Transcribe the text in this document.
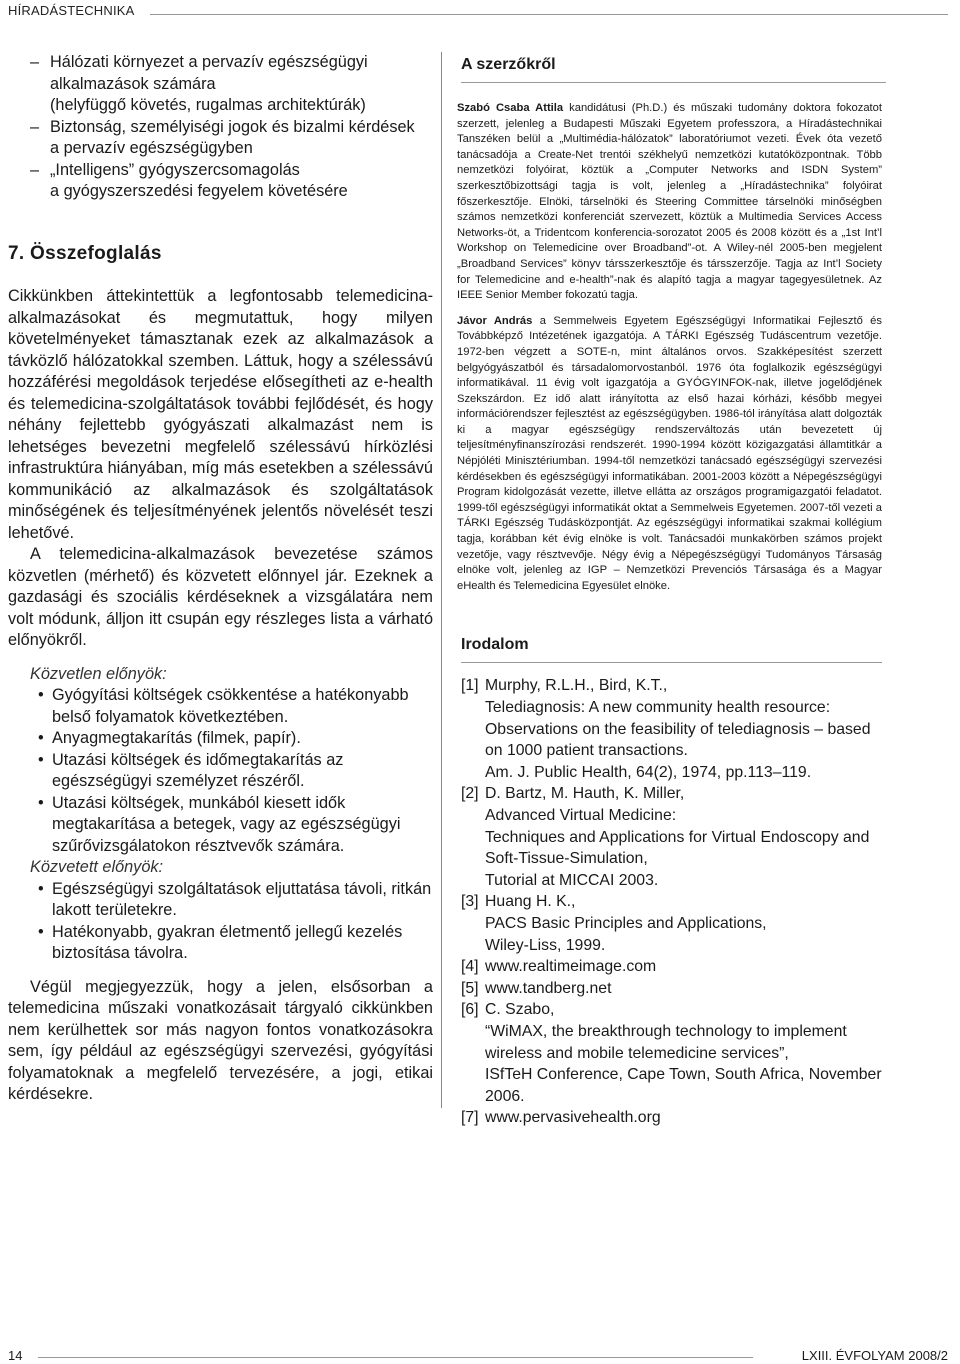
HÍRADÁSTECHNIKA
– Hálózati környezet a pervazív egészségügyi
alkalmazások számára
(helyfüggő követés, rugalmas architektúrák)
– Biztonság, személyiségi jogok és bizalmi kérdések
a pervazív egészségügyben
– „Intelligens” gyógyszercsomagolás
a gyógyszerszedési fegyelem követésére
7. Összefoglalás

Cikkünkben áttekintettük a legfontosabb telemedicina-alkalmazásokat és megmutattuk, hogy milyen követelményeket támasztanak ezek az alkalmazások a távközlő hálózatokkal szemben. Láttuk, hogy a szélessávú hozzáférési megoldások terjedése elősegítheti az e-health és telemedicina-szolgáltatások további fejlődését, és hogy néhány fejlettebb gyógyászati alkalmazást nem is lehetséges bevezetni megfelelő szélessávú hírközlési infrastruktúra hiányában, míg más esetekben a szélessávú kommunikáció az alkalmazások és szolgáltatások minőségének és teljesítményének jelentős növelését teszi lehetővé.

A telemedicina-alkalmazások bevezetése számos közvetlen (mérhető) és közvetett előnnyel jár. Ezeknek a gazdasági és szociális kérdéseknek a vizsgálatára nem volt módunk, álljon itt csupán egy részleges lista a várható előnyökről.

Közvetlen előnyök:
• Gyógyítási költségek csökkentése a hatékonyabb belső folyamatok következtében.
• Anyagmegtakarítás (filmek, papír).
• Utazási költségek és időmegtakarítás az egészségügyi személyzet részéről.
• Utazási költségek, munkából kiesett idők megtakarítása a betegek, vagy az egészségügyi szűrővizsgálatokon résztvevők számára.
Közvetett előnyök:
• Egészségügyi szolgáltatások eljuttatása távoli, ritkán lakott területekre.
• Hatékonyabb, gyakran életmentő jellegű kezelés biztosítása távolra.

Végül megjegyezzük, hogy a jelen, elsősorban a telemedicina műszaki vonatkozásait tárgyaló cikkünkben nem kerülhettek sor más nagyon fontos vonatkozásokra sem, így például az egészségügyi szervezési, gyógyítási folyamatoknak a megfelelő tervezésére, a jogi, etikai kérdésekre.

A szerzőkről

Szabó Csaba Attila kandidátusi (Ph.D.) és műszaki tudomány doktora fokozatot szerzett, jelenleg a Budapesti Műszaki Egyetem professzora, a Híradástechnikai Tanszéken belül a „Multimédia-hálózatok” laboratóriumot vezeti. Évek óta vezető tanácsadója a Create-Net trentói székhelyű nemzetközi kutatóközpontnak. Több nemzetközi folyóirat, köztük a „Computer Networks and ISDN System” szerkesztőbizottsági tagja is volt, jelenleg a „Híradástechnika” folyóirat főszerkesztője. Elnöki, társelnöki és Steering Committee társelnöki minőségben számos nemzetközi konferenciát szervezett, köztük a Multimedia Services Access Networks-öt, a Tridentcom konferencia-sorozatot 2005 és 2008 között és a „1st Int’l Workshop on Telemedicine over Broadband”-ot. A Wiley-nél 2005-ben megjelent „Broadband Services” könyv társszerkesztője és társszerzője. Tagja az Int’l Society for Telemedicine and e-health”-nak és alapító tagja a magyar tagegyesületnek. Az IEEE Senior Member fokozatú tagja.

Jávor András a Semmelweis Egyetem Egészségügyi Informatikai Fejlesztő és Továbbképző Intézetének igazgatója. A TÁRKI Egészség Tudáscentrum vezetője. 1972-ben végzett a SOTE-n, mint általános orvos. Szakképesítést szerzett belgyógyászatból és társadalomorvostanból. 1976 óta foglalkozik egészségügyi informatikával. 11 évig volt igazgatója a GYÓGYINFOK-nak, illetve jogelődjének Szekszárdon. Ez idő alatt irányította az első hazai kórházi, később megyei információrendszer fejlesztést az egészségügyben. 1986-tól irányítása alatt dolgozták ki a magyar egészségügy rendszerváltozás után bevezetett új teljesítményfinanszírozási rendszerét. 1990-1994 között közigazgatási államtitkár a Népjóléti Minisztériumban. 1994-től nemzetközi tanácsadó egészségügyi szervezési kérdésekben és egészségügyi informatikában. 2001-2003 között a Népegészségügyi Program kidolgozását vezette, illetve ellátta az országos programigazgatói feladatot. 1999-től egészségügyi informatikát oktat a Semmelweis Egyetemen. 2007-től vezeti a TÁRKI Egészség Tudásközpontját. Az egészségügyi informatikai szakmai kollégium tagja, korábban két évig elnöke is volt. Tanácsadói munkakörben számos projekt vezetője, vagy résztvevője. Négy évig a Népegészségügyi Tudományos Társaság elnöke volt, jelenleg az IGP – Nemzetközi Prevenciós Társasága és a Magyar eHealth és Telemedicina Egyesület elnöke.

Irodalom
[1] Murphy, R.L.H., Bird, K.T.,
Telediagnosis: A new community health resource: Observations on the feasibility of telediagnosis – based on 1000 patient transactions.
Am. J. Public Health, 64(2), 1974, pp.113–119.
[2] D. Bartz, M. Hauth, K. Miller,
Advanced Virtual Medicine:
Techniques and Applications for Virtual Endoscopy and Soft-Tissue-Simulation,
Tutorial at MICCAI 2003.
[3] Huang H. K.,
PACS Basic Principles and Applications,
Wiley-Liss, 1999.
[4] www.realtimeimage.com
[5] www.tandberg.net
[6] C. Szabo,
“WiMAX, the breakthrough technology to implement wireless and mobile telemedicine services”,
ISfTeH Conference, Cape Town, South Africa, November 2006.
[7] www.pervasivehealth.org
14	LXIII. ÉVFOLYAM 2008/2
